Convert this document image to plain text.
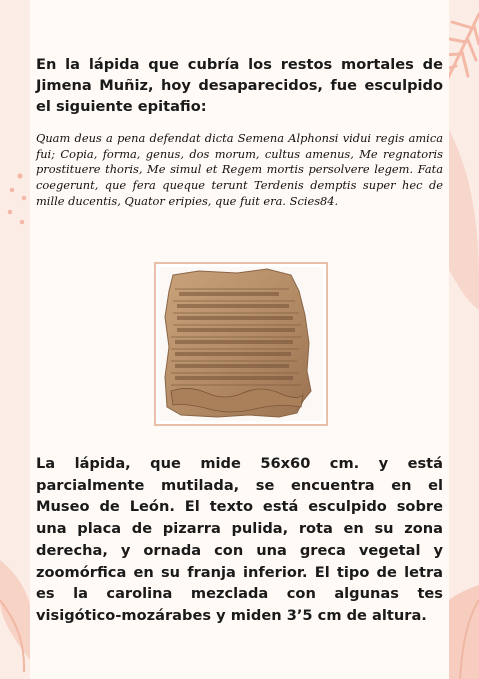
En la lápida que cubría los restos mortales de Jimena Muñiz, hoy desaparecidos, fue esculpido el siguiente epitafio:

Quam deus a pena defendat dicta Semena Alphonsi vidui regis amica fui; Copia, forma, genus, dos morum, cultus amenus, Me regnatoris prostituere thoris, Me simul et Regem mortis persolvere legem. Fata coegerunt, que fera queque terunt Terdenis demptis super hec de mille ducentis, Quator eripies, que fuit era. Scies84.

La lápida, que mide 56x60 cm. y está parcialmente mutilada, se encuentra en el Museo de León. El texto está esculpido sobre una placa de pizarra pulida, rota en su zona derecha, y ornada con una greca vegetal y zoomórfica en su franja inferior. El tipo de letra es la carolina mezclada con algunas tes visigótico-mozárabes y miden 3’5 cm de altura.
